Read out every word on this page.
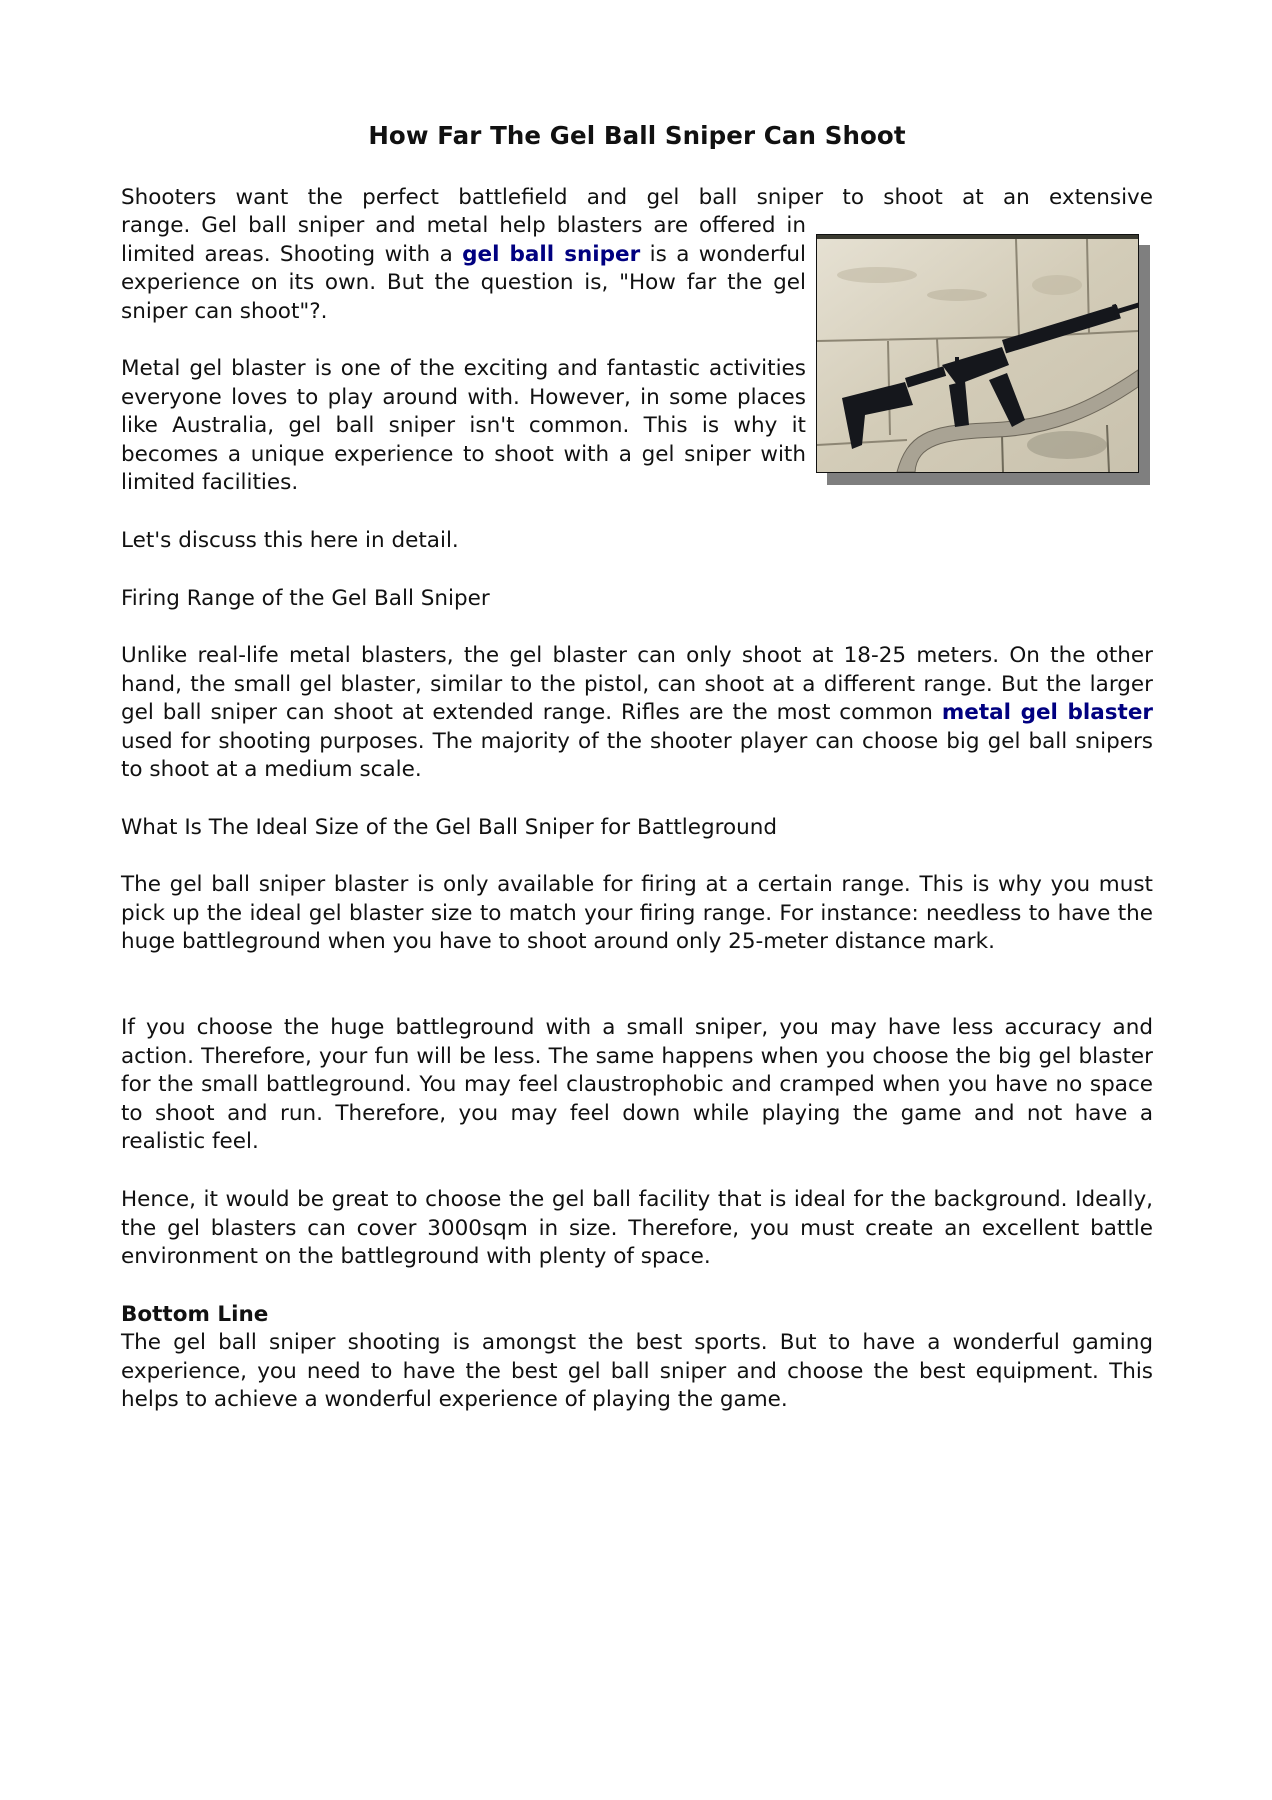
How Far The Gel Ball Sniper Can Shoot

Shooters want the perfect battlefield and gel ball sniper to shoot at an extensive

range. Gel ball sniper and metal help blasters are offered in limited areas. Shooting with a gel ball sniper is a wonderful experience on its own. But the question is, "How far the gel sniper can shoot"?.

Metal gel blaster is one of the exciting and fantastic activities everyone loves to play around with. However, in some places like Australia, gel ball sniper isn't common. This is why it becomes a unique experience to shoot with a gel sniper with limited facilities.

Let's discuss this here in detail.

Firing Range of the Gel Ball Sniper

Unlike real-life metal blasters, the gel blaster can only shoot at 18-25 meters. On the other hand, the small gel blaster, similar to the pistol, can shoot at a different range. But the larger gel ball sniper can shoot at extended range. Rifles are the most common metal gel blaster used for shooting purposes. The majority of the shooter player can choose big gel ball snipers to shoot at a medium scale.

What Is The Ideal Size of the Gel Ball Sniper for Battleground

The gel ball sniper blaster is only available for firing at a certain range. This is why you must pick up the ideal gel blaster size to match your firing range. For instance: needless to have the huge battleground when you have to shoot around only 25-meter distance mark.

If you choose the huge battleground with a small sniper, you may have less accuracy and action. Therefore, your fun will be less. The same happens when you choose the big gel blaster for the small battleground. You may feel claustrophobic and cramped when you have no space to shoot and run. Therefore, you may feel down while playing the game and not have a realistic feel.

Hence, it would be great to choose the gel ball facility that is ideal for the background. Ideally, the gel blasters can cover 3000sqm in size. Therefore, you must create an excellent battle environment on the battleground with plenty of space.

Bottom Line

The gel ball sniper shooting is amongst the best sports. But to have a wonderful gaming experience, you need to have the best gel ball sniper and choose the best equipment. This helps to achieve a wonderful experience of playing the game.
